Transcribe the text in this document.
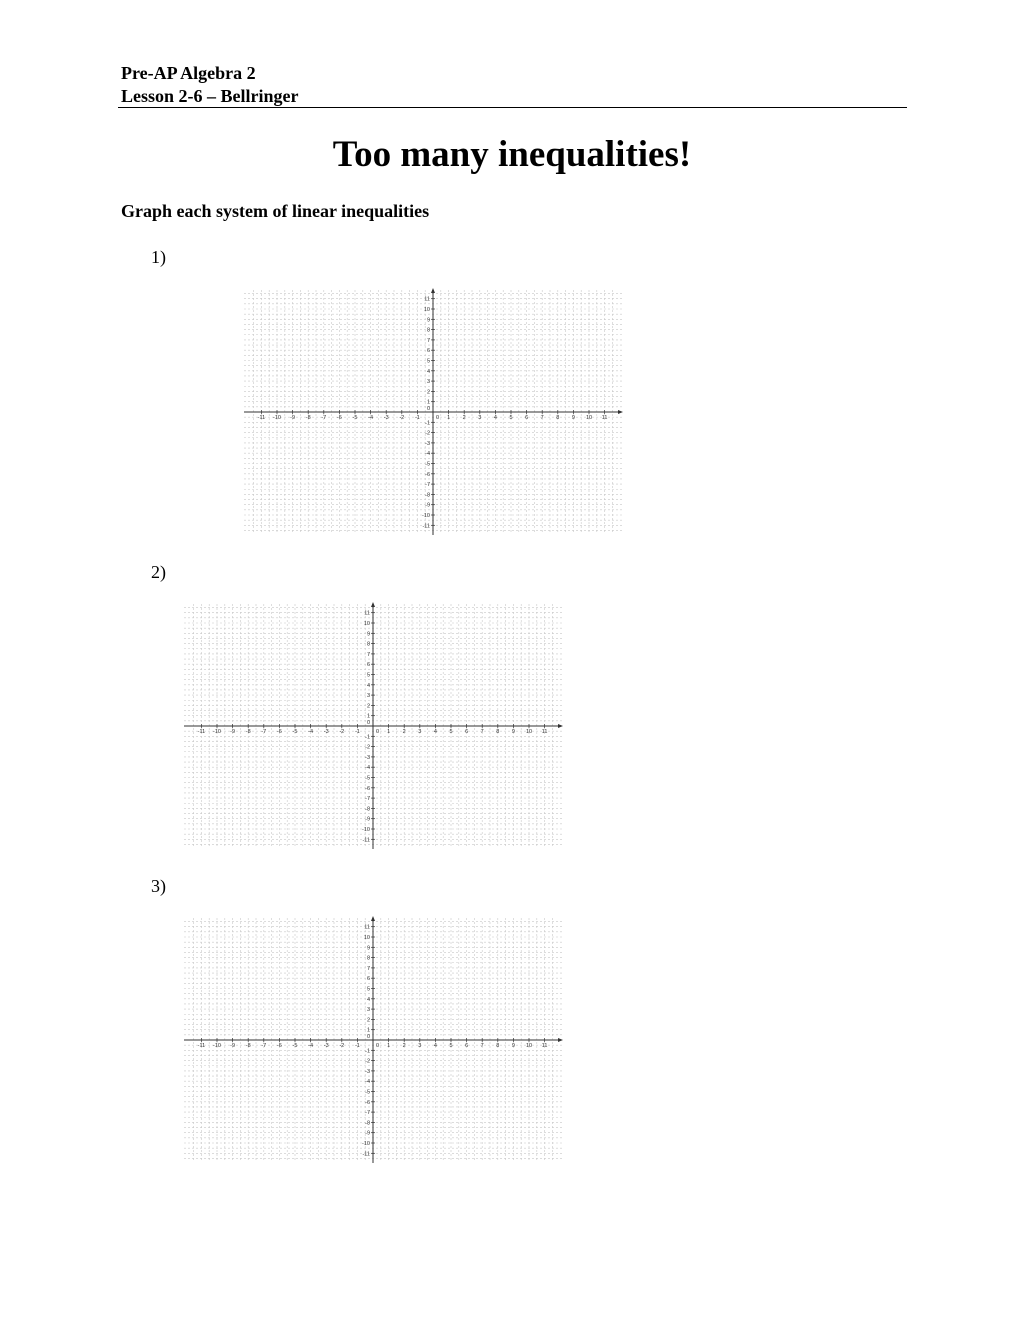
Pre-AP Algebra 2
Lesson 2-6 – Bellringer
Too many inequalities!
Graph each system of linear inequalities
1)
-11 -10 -9 -8 -7 -6 -5 -4 -3 -2 -1	1 2 3 4 5 6 7 8 9 10 11
-11
-10
-9
-8
-7
-6
-5
-4
-3
-2
-1
1
2
3
4
5
6
7
8
9
10
11
0
0
2)
-11 -10 -9 -8 -7 -6 -5 -4 -3 -2 -1	1 2 3 4 5 6 7 8 9 10 11
-11
-10
-9
-8
-7
-6
-5
-4
-3
-2
-1
1
2
3
4
5
6
7
8
9
10
11
0
0
3)
-11 -10 -9 -8 -7 -6 -5 -4 -3 -2 -1	1 2 3 4 5 6 7 8 9 10 11
-11
-10
-9
-8
-7
-6
-5
-4
-3
-2
-1
1
2
3
4
5
6
7
8
9
10
11
0
0
